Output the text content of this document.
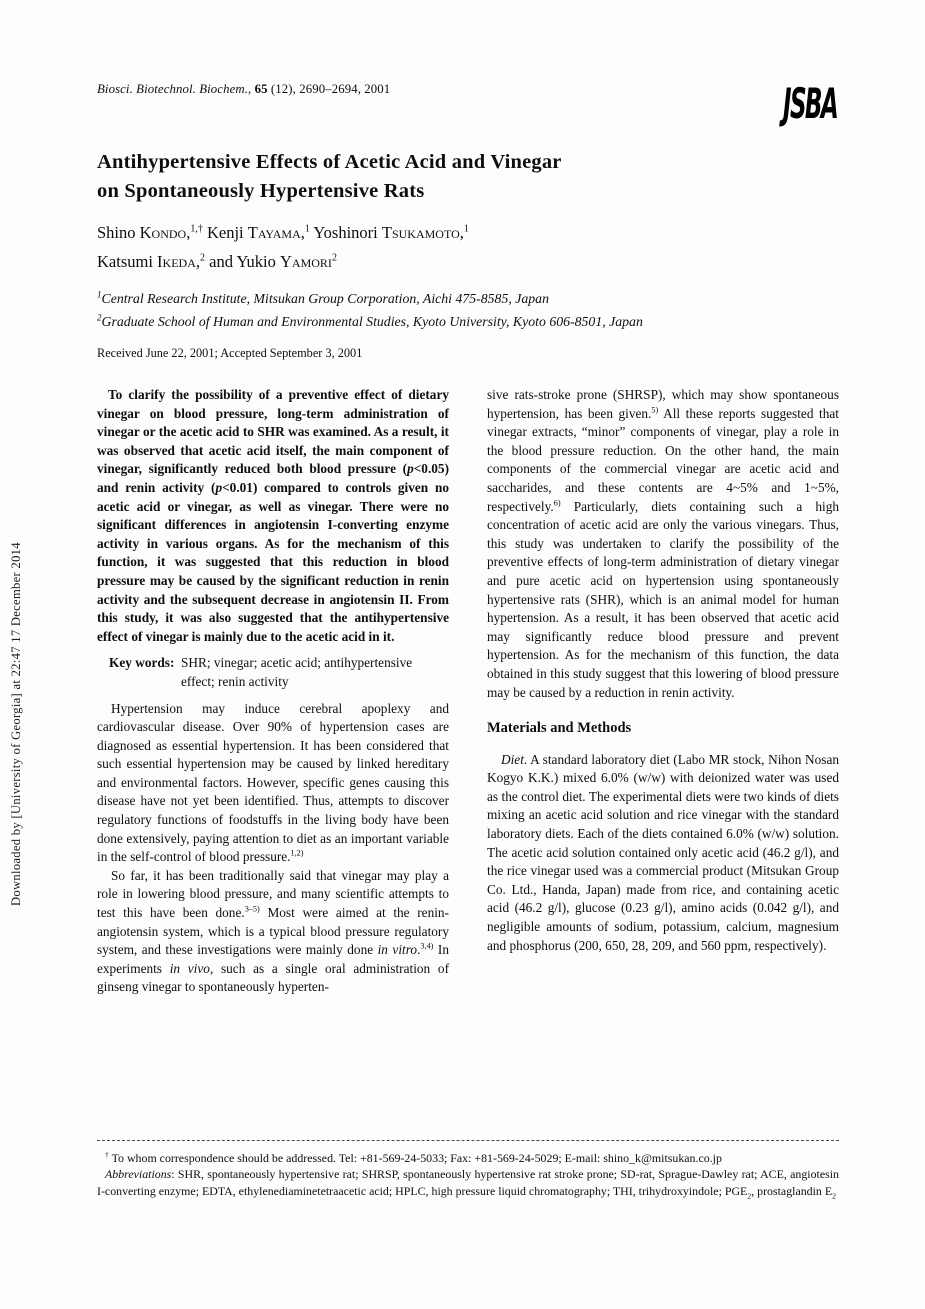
Downloaded by [University of Georgia] at 22:47 17 December 2014
Biosci. Biotechnol. Biochem., 65 (12), 2690–2694, 2001	JSBA
Antihypertensive Effects of Acetic Acid and Vinegar
on Spontaneously Hypertensive Rats
Shino Kondo,$^{1,\dagger}$ Kenji Tayama,$^1$ Yoshinori Tsukamoto,$^1$
Katsumi Ikeda,$^2$ and Yukio Yamori$^2$
$^1$Central Research Institute, Mitsukan Group Corporation, Aichi 475-8585, Japan
$^2$Graduate School of Human and Environmental Studies, Kyoto University, Kyoto 606-8501, Japan
Received June 22, 2001; Accepted September 3, 2001

To clarify the possibility of a preventive effect of dietary vinegar on blood pressure, long-term administration of vinegar or the acetic acid to SHR was examined. As a result, it was observed that acetic acid itself, the main component of vinegar, significantly reduced both blood pressure (p<0.05) and renin activity (p<0.01) compared to controls given no acetic acid or vinegar, as well as vinegar. There were no significant differences in angiotensin I-converting enzyme activity in various organs. As for the mechanism of this function, it was suggested that this reduction in blood pressure may be caused by the significant reduction in renin activity and the subsequent decrease in angiotensin II. From this study, it was also suggested that the antihypertensive effect of vinegar is mainly due to the acetic acid in it.

Key words: SHR; vinegar; acetic acid; antihypertensive effect; renin activity

Hypertension may induce cerebral apoplexy and cardiovascular disease. Over 90% of hypertension cases are diagnosed as essential hypertension. It has been considered that such essential hypertension may be caused by linked hereditary and environmental factors. However, specific genes causing this disease have not yet been identified. Thus, attempts to discover regulatory functions of foodstuffs in the living body have been done extensively, paying attention to diet as an important variable in the self-control of blood pressure.$^{1,2)}$

So far, it has been traditionally said that vinegar may play a role in lowering blood pressure, and many scientific attempts to test this have been done.$^{3-5)}$ Most were aimed at the renin-angiotensin system, which is a typical blood pressure regulatory system, and these investigations were mainly done in vitro.$^{3,4)}$ In experiments in vivo, such as a single oral administration of ginseng vinegar to spontaneously hyperten-

sive rats-stroke prone (SHRSP), which may show spontaneous hypertension, has been given.$^{5)}$ All these reports suggested that vinegar extracts, “minor” components of vinegar, play a role in the blood pressure reduction. On the other hand, the main components of the commercial vinegar are acetic acid and saccharides, and these contents are 4~5% and 1~5%, respectively.$^{6)}$ Particularly, diets containing such a high concentration of acetic acid are only the various vinegars. Thus, this study was undertaken to clarify the possibility of the preventive effects of long-term administration of dietary vinegar and pure acetic acid on hypertension using spontaneously hypertensive rats (SHR), which is an animal model for human hypertension. As a result, it has been observed that acetic acid may significantly reduce blood pressure and prevent hypertension. As for the mechanism of this function, the data obtained in this study suggest that this lowering of blood pressure may be caused by a reduction in renin activity.

Materials and Methods

Diet. A standard laboratory diet (Labo MR stock, Nihon Nosan Kogyo K.K.) mixed 6.0% (w/w) with deionized water was used as the control diet. The experimental diets were two kinds of diets mixing an acetic acid solution and rice vinegar with the standard laboratory diets. Each of the diets contained 6.0% (w/w) solution. The acetic acid solution contained only acetic acid (46.2 g/l), and the rice vinegar used was a commercial product (Mitsukan Group Co. Ltd., Handa, Japan) made from rice, and containing acetic acid (46.2 g/l), glucose (0.23 g/l), amino acids (0.042 g/l), and negligible amounts of sodium, potassium, calcium, magnesium and phosphorus (200, 650, 28, 209, and 560 ppm, respectively).

† To whom correspondence should be addressed. Tel: +81-569-24-5033; Fax: +81-569-24-5029; E-mail: shino_k@mitsukan.co.jp

Abbreviations: SHR, spontaneously hypertensive rat; SHRSP, spontaneously hypertensive rat stroke prone; SD-rat, Sprague-Dawley rat; ACE, angiotesin I-converting enzyme; EDTA, ethylenediaminetetraacetic acid; HPLC, high pressure liquid chromatography; THI, trihydroxyindole; $PGE_2$, prostaglandin $E_2$
